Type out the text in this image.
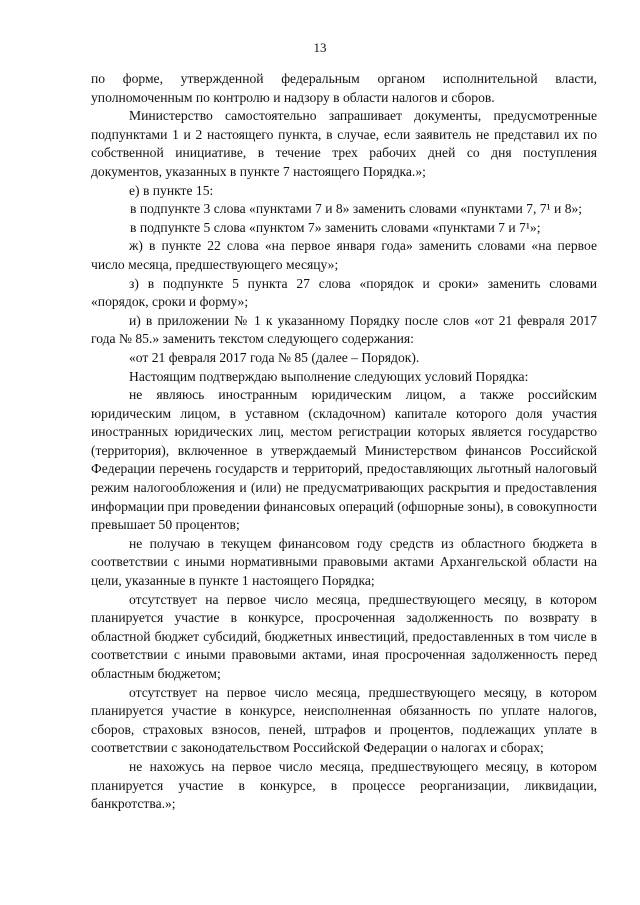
13

по форме, утвержденной федеральным органом исполнительной власти, уполномоченным по контролю и надзору в области налогов и сборов.

Министерство самостоятельно запрашивает документы, предусмотренные подпунктами 1 и 2 настоящего пункта, в случае, если заявитель не представил их по собственной инициативе, в течение трех рабочих дней со дня поступления документов, указанных в пункте 7 настоящего Порядка.»;

е) в пункте 15:

в подпункте 3 слова «пунктами 7 и 8» заменить словами «пунктами 7, 7¹ и 8»;

в подпункте 5 слова «пунктом 7» заменить словами «пунктами 7 и 7¹»;

ж) в пункте 22 слова «на первое января года» заменить словами «на первое число месяца, предшествующего месяцу»;

з) в подпункте 5 пункта 27 слова «порядок и сроки» заменить словами «порядок, сроки и форму»;

и) в приложении № 1 к указанному Порядку после слов «от 21 февраля 2017 года № 85.» заменить текстом следующего содержания:

«от 21 февраля 2017 года № 85 (далее – Порядок).

Настоящим подтверждаю выполнение следующих условий Порядка:

не являюсь иностранным юридическим лицом, а также российским юридическим лицом, в уставном (складочном) капитале которого доля участия иностранных юридических лиц, местом регистрации которых является государство (территория), включенное в утверждаемый Министерством финансов Российской Федерации перечень государств и территорий, предоставляющих льготный налоговый режим налогообложения и (или) не предусматривающих раскрытия и предоставления информации при проведении финансовых операций (офшорные зоны), в совокупности превышает 50 процентов;

не получаю в текущем финансовом году средств из областного бюджета в соответствии с иными нормативными правовыми актами Архангельской области на цели, указанные в пункте 1 настоящего Порядка;

отсутствует на первое число месяца, предшествующего месяцу, в котором планируется участие в конкурсе, просроченная задолженность по возврату в областной бюджет субсидий, бюджетных инвестиций, предоставленных в том числе в соответствии с иными правовыми актами, иная просроченная задолженность перед областным бюджетом;

отсутствует на первое число месяца, предшествующего месяцу, в котором планируется участие в конкурсе, неисполненная обязанность по уплате налогов, сборов, страховых взносов, пеней, штрафов и процентов, подлежащих уплате в соответствии с законодательством Российской Федерации о налогах и сборах;

не нахожусь на первое число месяца, предшествующего месяцу, в котором планируется участие в конкурсе, в процессе реорганизации, ликвидации, банкротства.»;
